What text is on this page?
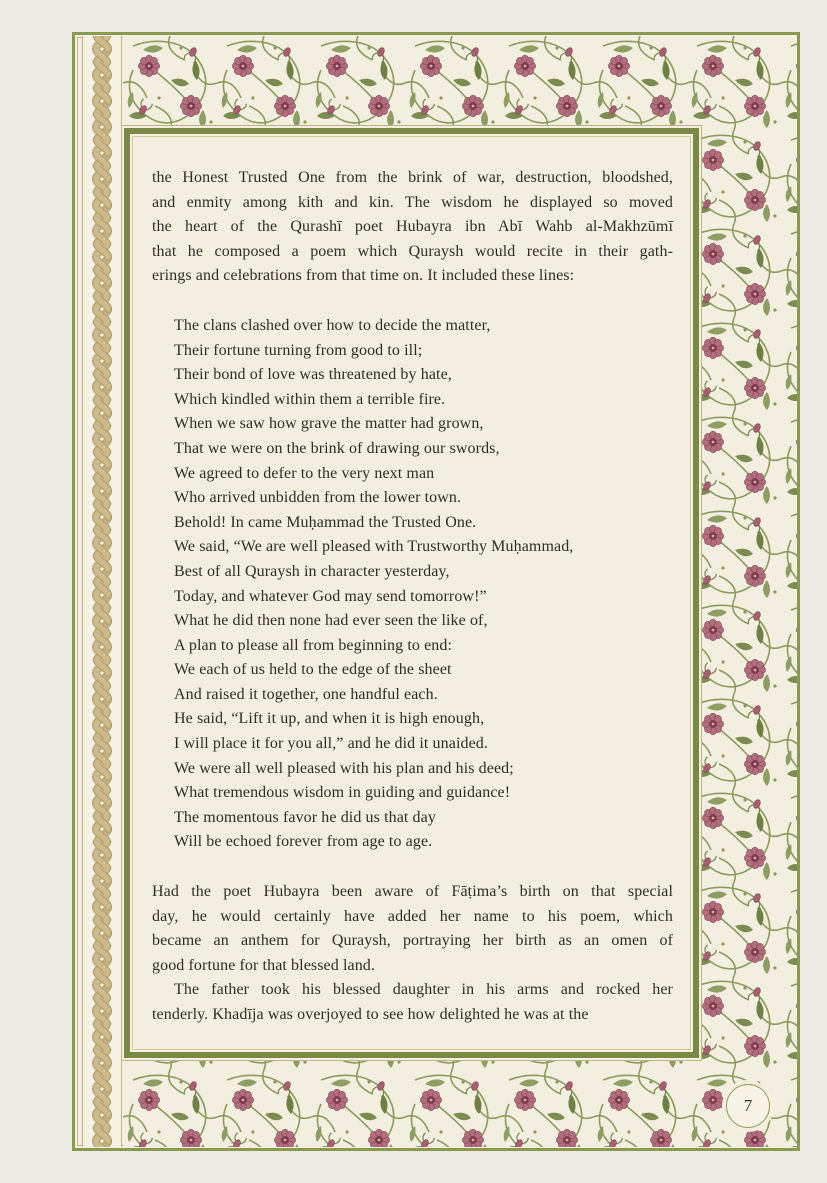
the Honest Trusted One from the brink of war, destruction, bloodshed,
and enmity among kith and kin. The wisdom he displayed so moved
the heart of the Qurashī poet Hubayra ibn Abī Wahb al-Makhzūmī
that he composed a poem which Quraysh would recite in their gath-
erings and celebrations from that time on. It included these lines:
The clans clashed over how to decide the matter,
Their fortune turning from good to ill;
Their bond of love was threatened by hate,
Which kindled within them a terrible fire.
When we saw how grave the matter had grown,
That we were on the brink of drawing our swords,
We agreed to defer to the very next man
Who arrived unbidden from the lower town.
Behold! In came Muḥammad the Trusted One.
We said, “We are well pleased with Trustworthy Muḥammad,
Best of all Quraysh in character yesterday,
Today, and whatever God may send tomorrow!”
What he did then none had ever seen the like of,
A plan to please all from beginning to end:
We each of us held to the edge of the sheet
And raised it together, one handful each.
He said, “Lift it up, and when it is high enough,
I will place it for you all,” and he did it unaided.
We were all well pleased with his plan and his deed;
What tremendous wisdom in guiding and guidance!
The momentous favor he did us that day
Will be echoed forever from age to age.
Had the poet Hubayra been aware of Fāṭima’s birth on that special
day, he would certainly have added her name to his poem, which
became an anthem for Quraysh, portraying her birth as an omen of
good fortune for that blessed land.
The father took his blessed daughter in his arms and rocked her
tenderly. Khadīja was overjoyed to see how delighted he was at the
7
